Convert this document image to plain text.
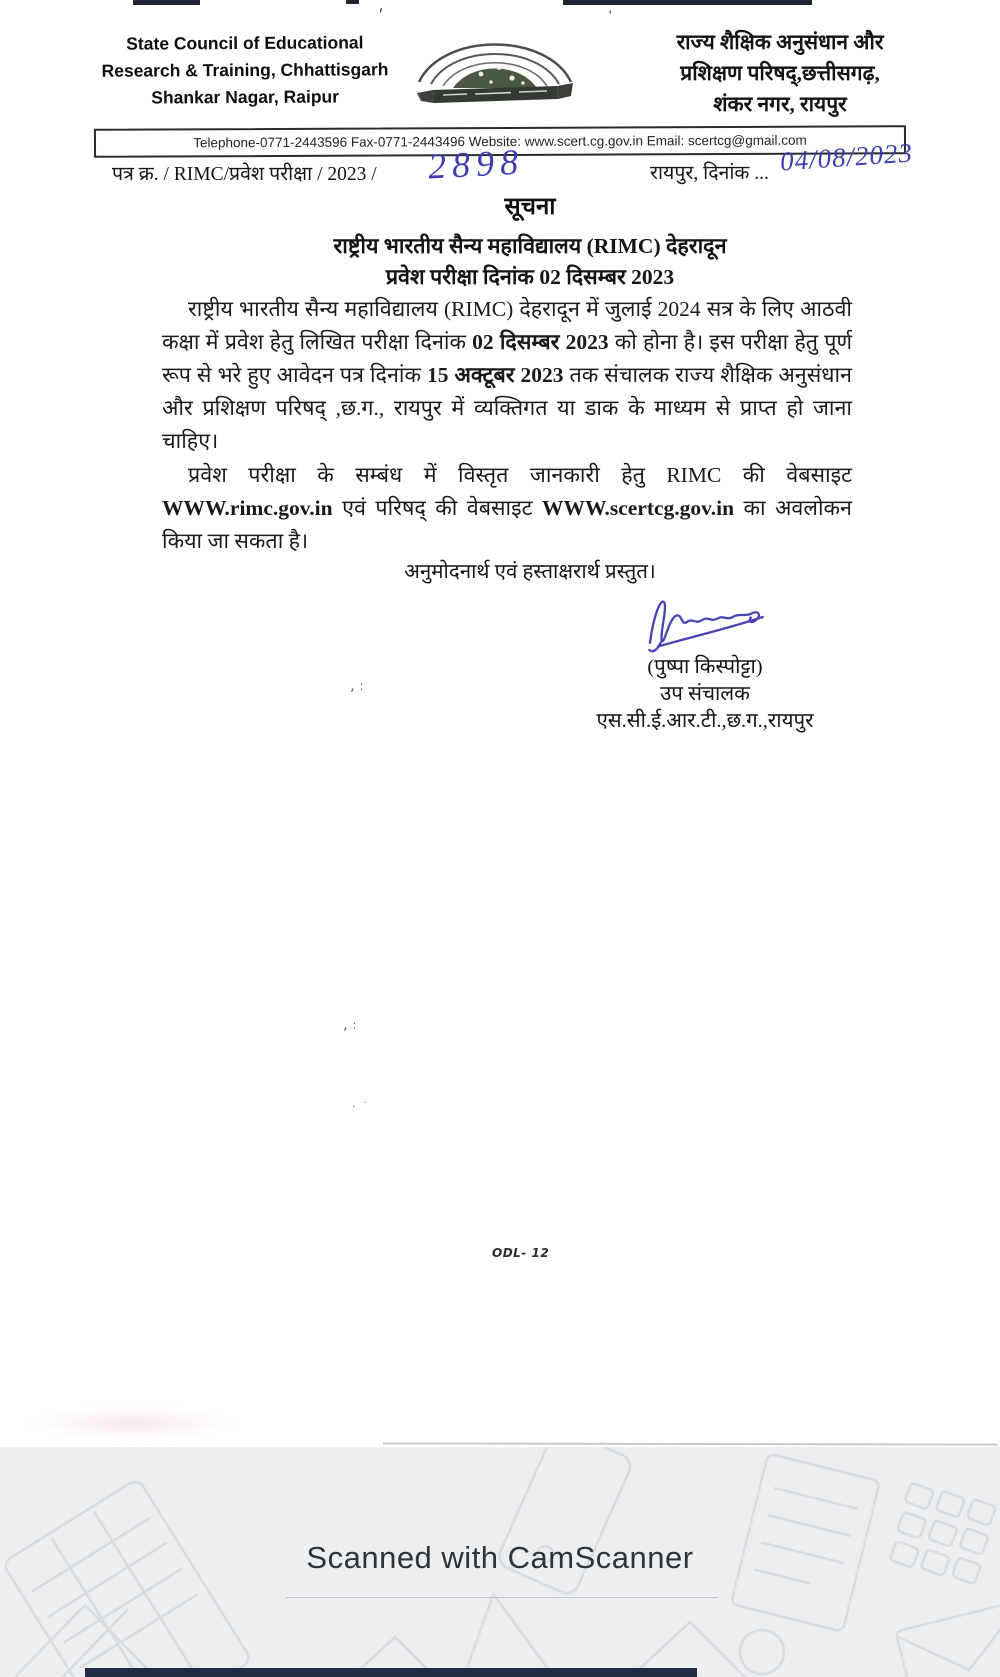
'	'
State Council of Educational
Research & Training, Chhattisgarh
Shankar Nagar, Raipur
राज्य शैक्षिक अनुसंधान और
प्रशिक्षण परिषद्,छत्तीसगढ़,
शंकर नगर, रायपुर
Telephone-0771-2443596 Fax-0771-2443496 Website: www.scert.cg.gov.in Email: scertcg@gmail.com
पत्र क्र. / RIMC/प्रवेश परीक्षा / 2023 / 2898	रायपुर, दिनांक ... 04/08/2023
सूचना
राष्ट्रीय भारतीय सैन्य महाविद्यालय (RIMC) देहरादून
प्रवेश परीक्षा दिनांक 02 दिसम्बर 2023

राष्ट्रीय भारतीय सैन्य महाविद्यालय (RIMC) देहरादून में जुलाई 2024 सत्र के लिए आठवी कक्षा में प्रवेश हेतु लिखित परीक्षा दिनांक 02 दिसम्बर 2023 को होना है। इस परीक्षा हेतु पूर्ण रूप से भरे हुए आवेदन पत्र दिनांक 15 अक्टूबर 2023 तक संचालक राज्य शैक्षिक अनुसंधान और प्रशिक्षण परिषद् ,छ.ग., रायपुर में व्यक्तिगत या डाक के माध्यम से प्राप्त हो जाना चाहिए।

प्रवेश परीक्षा के सम्बंध में विस्तृत जानकारी हेतु RIMC की वेबसाइट WWW.rimc.gov.in एवं परिषद् की वेबसाइट WWW.scertcg.gov.in का अवलोकन किया जा सकता है।

अनुमोदनार्थ एवं हस्ताक्षरार्थ प्रस्तुत।
(पुष्पा किस्पोट्टा)
उप संचालक
एस.सी.ई.आर.टी.,छ.ग.,रायपुर
, :
, :
·  ˙
ODL- 12
Scanned with CamScanner
